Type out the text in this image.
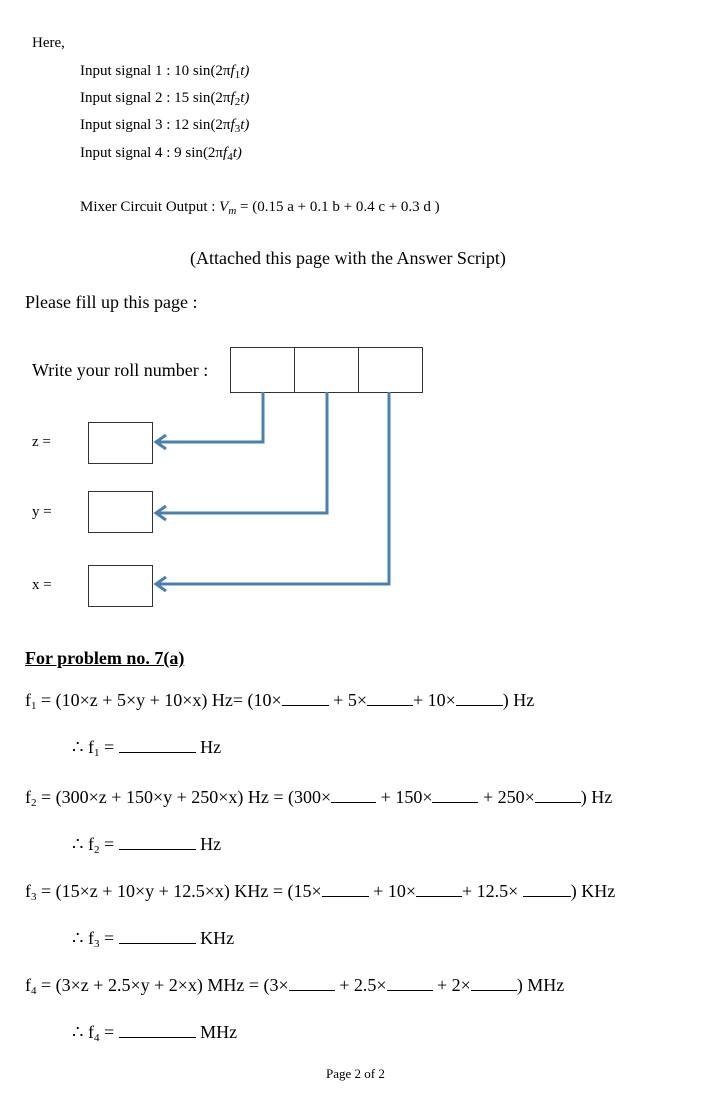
Here,
Input signal 1 : 10 $\sin(2\pi f_1t)$
Input signal 2 : 15 $\sin(2\pi f_2t)$
Input signal 3 : 12 $\sin(2\pi f_3t)$
Input signal 4 : 9 $\sin(2\pi f_4t)$
Mixer Circuit Output : $V_m = (0.15$ a + 0.1 b + 0.4 c + 0.3 d )
(Attached this page with the Answer Script)
Please fill up this page :
Write your roll number :
z =
y =
x =
For problem no. 7(a)
$f_1 = (10\times z + 5\times y + 10\times x)$ Hz= (10×	+ 5×	+ 10×	) Hz
∴ $f_1$ =	Hz
$f_2 = (300\times z + 150\times y + 250\times x) Hz = (300\times$	+ 150×	+ 250×	) Hz
∴ $f_2$ =	Hz
$f_3 = (15\times z + 10\times y + 12.5\times x)$ KHz = (15×	+ 10×	+ 12.5×	) KHz
∴ $f_3$ =	KHz
$f_4 = (3\times z + 2.5\times y + 2\times x)$ MHz = (3×	+ 2.5×	+ 2×	) MHz
∴ $f_4$ =	MHz
Page 2 of 2
